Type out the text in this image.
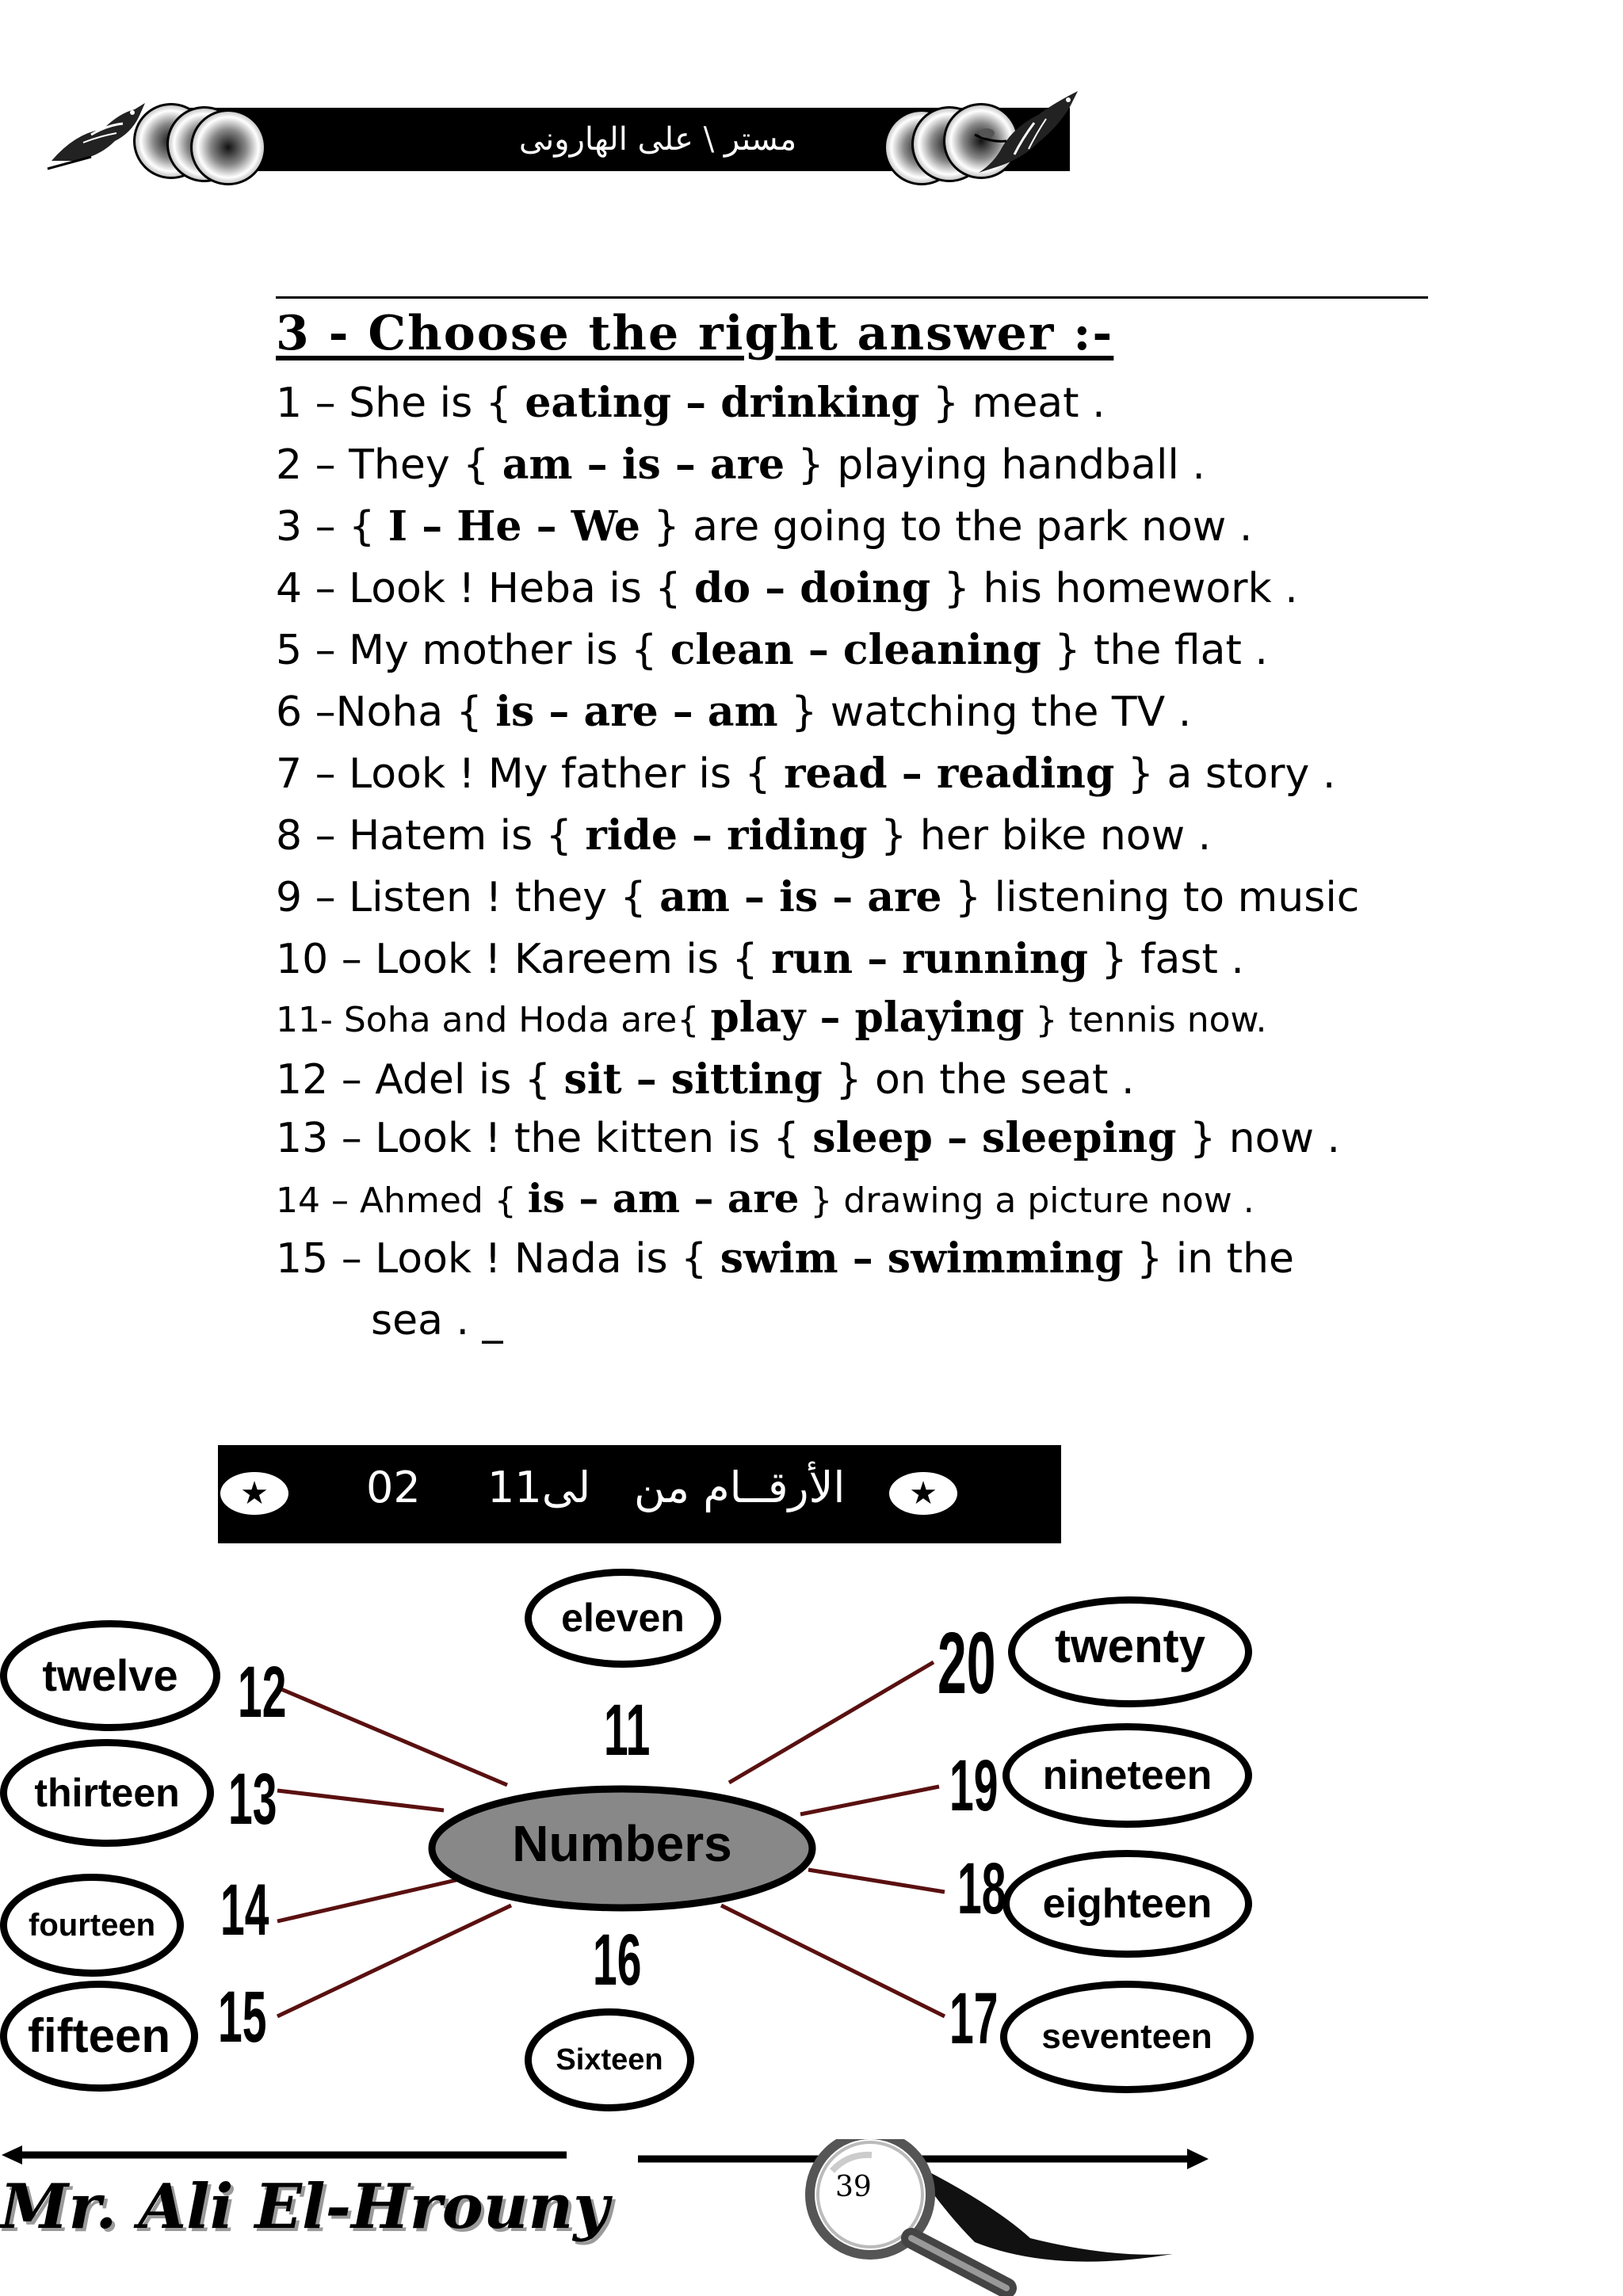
مستر \ على الهارونى
3 - Choose the right answer :-
1 – She is { eating – drinking } meat .
2 – They { am – is – are } playing handball .
3 – { I – He – We } are going to the park now .
4 – Look ! Heba is { do – doing } his homework .
5 – My mother is { clean – cleaning } the flat .
6 –Noha { is – are – am } watching the TV .
7 – Look ! My father is { read – reading } a story .
8 – Hatem is { ride – riding } her bike now .
9 – Listen ! they { am – is – are } listening to music
10 – Look ! Kareem is { run – running } fast .
11- Soha and Hoda are{ play – playing } tennis now.
12 – Adel is { sit – sitting } on the seat .
13 – Look ! the kitten is { sleep – sleeping } now .
14 – Ahmed { is – am – are } drawing a picture now .
15 – Look ! Nada is { swim – swimming } in the
sea . _
★	★
02 11لى الأرقــام من
Numbers
eleven
twelve
thirteen
fourteen
fifteen	Sixteen
seventeen
eighteen
nineteen
twenty
11
12
13
14
15
16
17
18
19
20
39
Mr. Ali El-Hrouny
